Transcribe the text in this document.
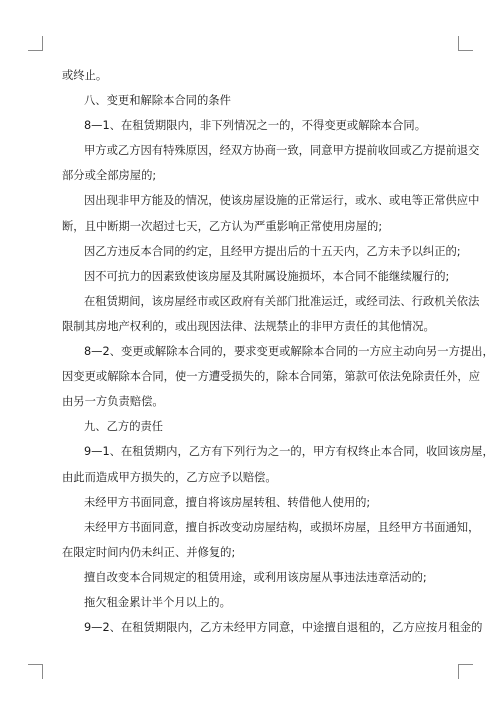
或终止。
八、变更和解除本合同的条件
8—1、在租赁期限内，非下列情况之一的，不得变更或解除本合同。
甲方或乙方因有特殊原因，经双方协商一致，同意甲方提前收回或乙方提前退交
部分或全部房屋的;
因出现非甲方能及的情况，使该房屋设施的正常运行，或水、或电等正常供应中
断，且中断期一次超过七天，乙方认为严重影响正常使用房屋的;
因乙方违反本合同的约定，且经甲方提出后的十五天内，乙方未予以纠正的;
因不可抗力的因素致使该房屋及其附属设施损坏，本合同不能继续履行的;
在租赁期间，该房屋经市或区政府有关部门批准运迁，或经司法、行政机关依法
限制其房地产权利的，或出现因法律、法规禁止的非甲方责任的其他情况。
8—2、变更或解除本合同的，要求变更或解除本合同的一方应主动向另一方提出，
因变更或解除本合同，使一方遭受损失的，除本合同第，第款可依法免除责任外，应
由另一方负责赔偿。
九、乙方的责任
9—1、在租赁期内，乙方有下列行为之一的，甲方有权终止本合同，收回该房屋，
由此而造成甲方损失的，乙方应予以赔偿。
未经甲方书面同意，擅自将该房屋转租、转借他人使用的;
未经甲方书面同意，擅自拆改变动房屋结构，或损坏房屋，且经甲方书面通知，
在限定时间内仍未纠正、并修复的;
擅自改变本合同规定的租赁用途，或利用该房屋从事违法违章活动的;
拖欠租金累计半个月以上的。
9—2、在租赁期限内，乙方未经甲方同意，中途擅自退租的，乙方应按月租金的
